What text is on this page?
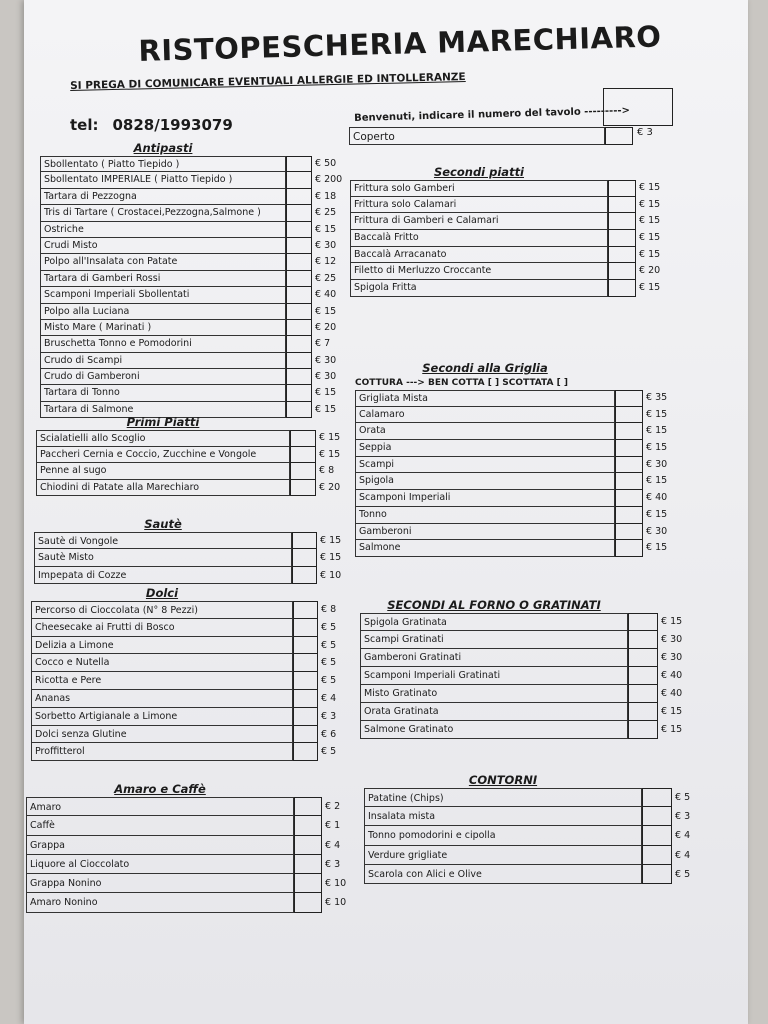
RISTOPESCHERIA MARECHIARO
SI PREGA DI COMUNICARE EVENTUALI ALLERGIE ED INTOLLERANZE
tel: 0828/1993079
Benvenuti, indicare il numero del tavolo --------->
Coperto	€ 3
Antipasti
Sbollentato ( Piatto Tiepido )	€ 50
Sbollentato IMPERIALE ( Piatto Tiepido )	€ 200
Tartara di Pezzogna	€ 18
Tris di Tartare ( Crostacei,Pezzogna,Salmone )	€ 25
Ostriche	€ 15
Crudi Misto	€ 30
Polpo all'Insalata con Patate	€ 12
Tartara di Gamberi Rossi	€ 25
Scamponi Imperiali Sbollentati	€ 40
Polpo alla Luciana	€ 15
Misto Mare ( Marinati )	€ 20
Bruschetta Tonno e Pomodorini	€ 7
Crudo di Scampi	€ 30
Crudo di Gamberoni	€ 30
Tartara di Tonno	€ 15
Tartara di Salmone	€ 15
Primi Piatti
Scialatielli allo Scoglio	€ 15
Paccheri Cernia e Coccio, Zucchine e Vongole	€ 15
Penne al sugo	€ 8
Chiodini di Patate alla Marechiaro	€ 20
Sautè
Sautè di Vongole	€ 15
Sautè Misto	€ 15
Impepata di Cozze	€ 10
Dolci
Percorso di Cioccolata (N° 8 Pezzi)	€ 8
Cheesecake ai Frutti di Bosco	€ 5
Delizia a Limone	€ 5
Cocco e Nutella	€ 5
Ricotta e Pere	€ 5
Ananas	€ 4
Sorbetto Artigianale a Limone	€ 3
Dolci senza Glutine	€ 6
Proffitterol	€ 5
Amaro e Caffè
Amaro	€ 2
Caffè	€ 1
Grappa	€ 4
Liquore al Cioccolato	€ 3
Grappa Nonino	€ 10
Amaro Nonino	€ 10
Secondi piatti
Frittura solo Gamberi	€ 15
Frittura solo Calamari	€ 15
Frittura di Gamberi e Calamari	€ 15
Baccalà Fritto	€ 15
Baccalà Arracanato	€ 15
Filetto di Merluzzo Croccante	€ 20
Spigola Fritta	€ 15
Secondi alla Griglia
COTTURA ---> BEN COTTA [ ] SCOTTATA [ ]
Grigliata Mista	€ 35
Calamaro	€ 15
Orata	€ 15
Seppia	€ 15
Scampi	€ 30
Spigola	€ 15
Scamponi Imperiali	€ 40
Tonno	€ 15
Gamberoni	€ 30
Salmone	€ 15
SECONDI AL FORNO O GRATINATI
Spigola Gratinata	€ 15
Scampi Gratinati	€ 30
Gamberoni Gratinati	€ 30
Scamponi Imperiali Gratinati	€ 40
Misto Gratinato	€ 40
Orata Gratinata	€ 15
Salmone Gratinato	€ 15
CONTORNI
Patatine (Chips)	€ 5
Insalata mista	€ 3
Tonno pomodorini e cipolla	€ 4
Verdure grigliate	€ 4
Scarola con Alici e Olive	€ 5
